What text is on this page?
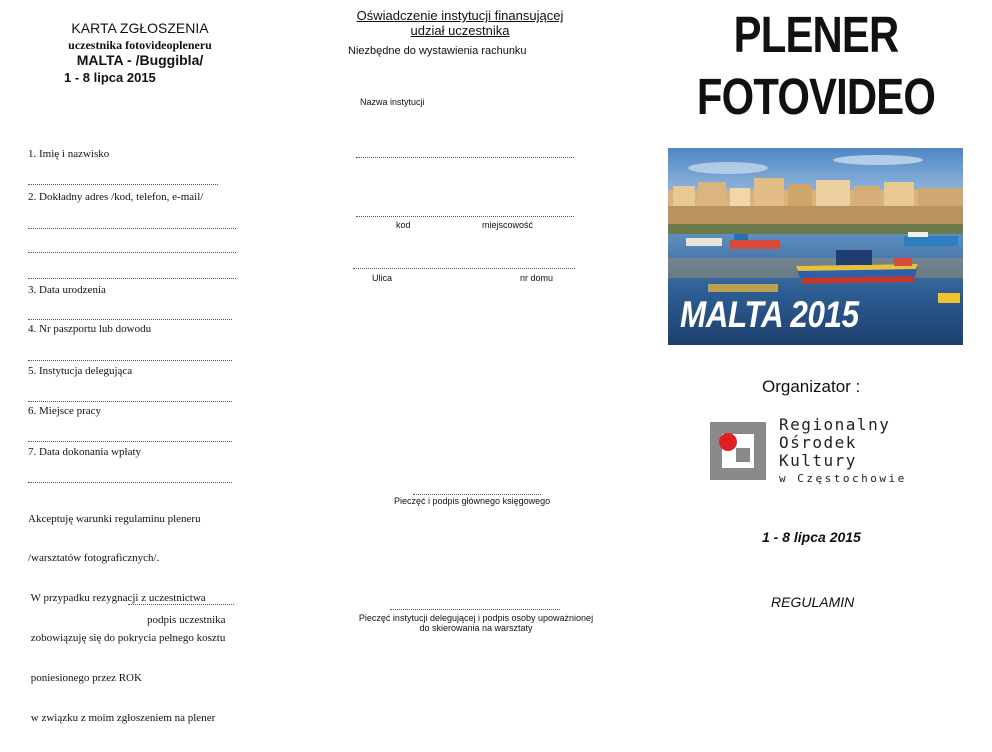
KARTA ZGŁOSZENIA
uczestnika fotovideopleneru
MALTA - /Buggibla/
1 - 8 lipca 2015
1. Imię i nazwisko
2. Dokładny adres /kod, telefon, e-mail/
3. Data urodzenia
4. Nr paszportu lub dowodu
5. Instytucja delegująca
6. Miejsce pracy
7. Data dokonania wpłaty

Akceptuję warunki regulaminu pleneru

/warsztatów fotograficznych/.

W przypadku rezygnacji z uczestnictwa

zobowiązuję się do pokrycia pełnego kosztu

poniesionego przez ROK

w związku z moim zgłoszeniem na plener

podpis uczestnika
Oświadczenie instytucji finansującej
udział uczestnika
Niezbędne do wystawienia rachunku
Nazwa instytucji
kod	miejscowość
Ulica	nr domu
Pieczęć i podpis głównego księgowego
Pieczęć instytucji delegującej i podpis osoby upoważnionej
do skierowania na warsztaty
PLENER
FOTOVIDEO
MALTA 2015
Organizator :
Regionalny
Ośrodek
Kultury
w Częstochowie
1 - 8 lipca 2015
REGULAMIN
